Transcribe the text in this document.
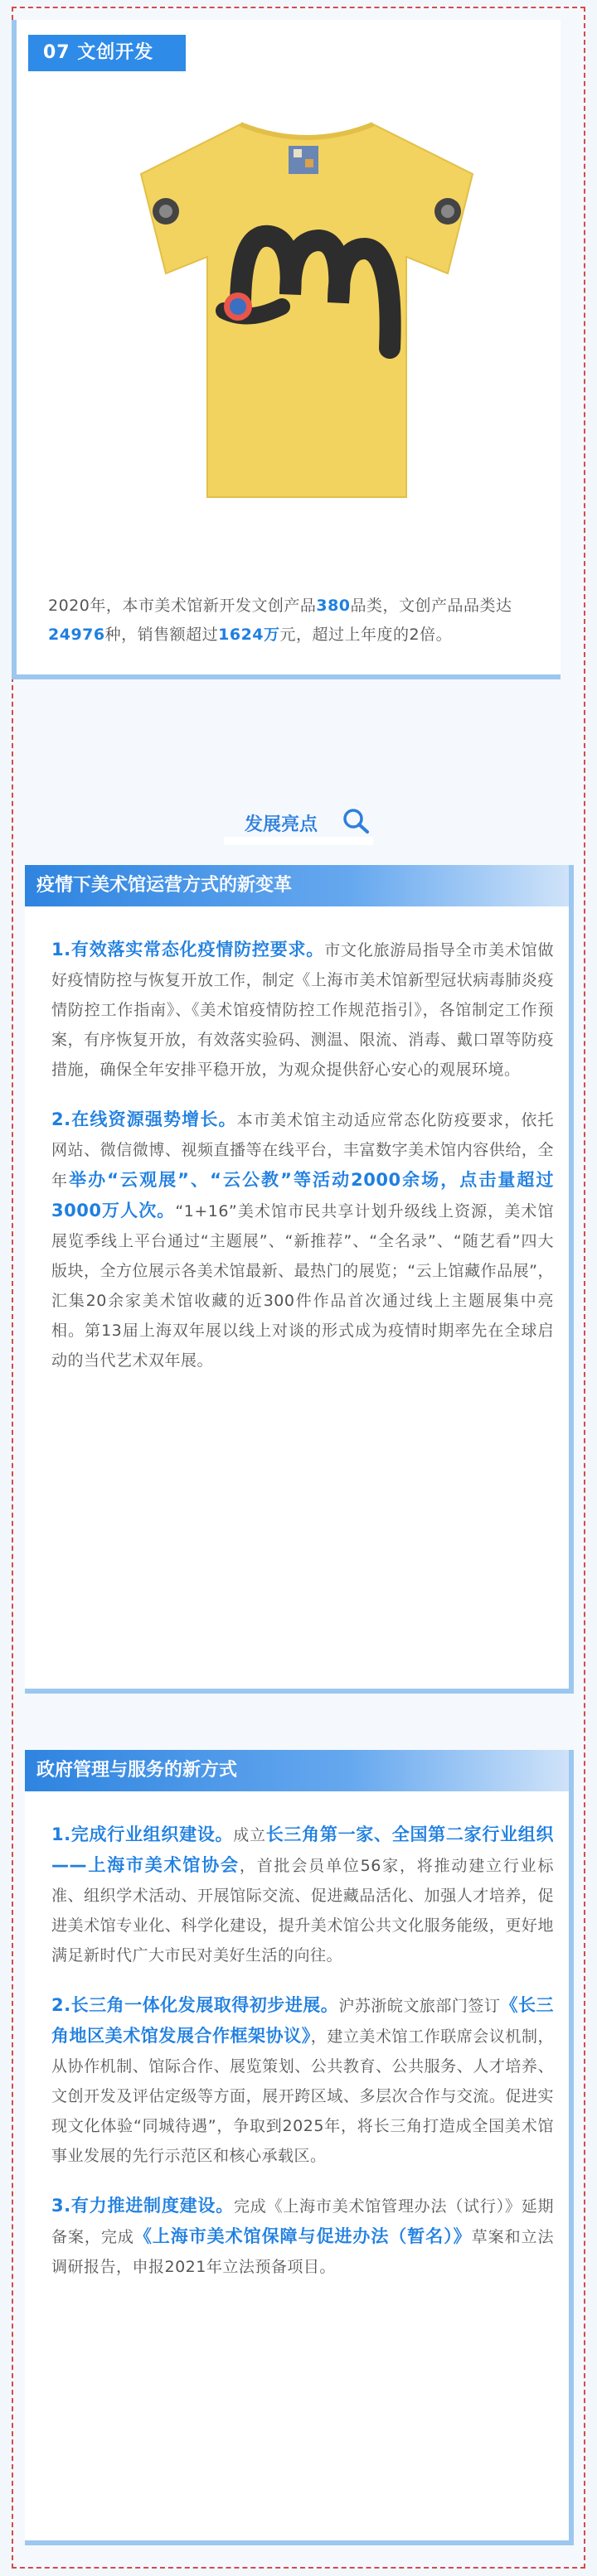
07 文创开发
2020年，本市美术馆新开发文创产品380品类，文创产品品类达24976种，销售额超过1624万元，超过上年度的2倍。
发展亮点
疫情下美术馆运营方式的新变革

1.有效落实常态化疫情防控要求。市文化旅游局指导全市美术馆做好疫情防控与恢复开放工作，制定《上海市美术馆新型冠状病毒肺炎疫情防控工作指南》、《美术馆疫情防控工作规范指引》，各馆制定工作预案，有序恢复开放，有效落实验码、测温、限流、消毒、戴口罩等防疫措施，确保全年安排平稳开放，为观众提供舒心安心的观展环境。

2.在线资源强势增长。本市美术馆主动适应常态化防疫要求，依托网站、微信微博、视频直播等在线平台，丰富数字美术馆内容供给，全年举办“云观展”、“云公教”等活动2000余场，点击量超过3000万人次。“1+16”美术馆市民共享计划升级线上资源，美术馆展览季线上平台通过“主题展”、“新推荐”、“全名录”、“随艺看”四大版块，全方位展示各美术馆最新、最热门的展览；“云上馆藏作品展”，汇集20余家美术馆收藏的近300件作品首次通过线上主题展集中亮相。第13届上海双年展以线上对谈的形式成为疫情时期率先在全球启动的当代艺术双年展。

政府管理与服务的新方式

1.完成行业组织建设。成立长三角第一家、全国第二家行业组织——上海市美术馆协会，首批会员单位56家，将推动建立行业标准、组织学术活动、开展馆际交流、促进藏品活化、加强人才培养，促进美术馆专业化、科学化建设，提升美术馆公共文化服务能级，更好地满足新时代广大市民对美好生活的向往。

2.长三角一体化发展取得初步进展。沪苏浙皖文旅部门签订《长三角地区美术馆发展合作框架协议》，建立美术馆工作联席会议机制，从协作机制、馆际合作、展览策划、公共教育、公共服务、人才培养、文创开发及评估定级等方面，展开跨区域、多层次合作与交流。促进实现文化体验“同城待遇”，争取到2025年，将长三角打造成全国美术馆事业发展的先行示范区和核心承载区。

3.有力推进制度建设。完成《上海市美术馆管理办法（试行）》延期备案，完成《上海市美术馆保障与促进办法（暂名）》草案和立法调研报告，申报2021年立法预备项目。
